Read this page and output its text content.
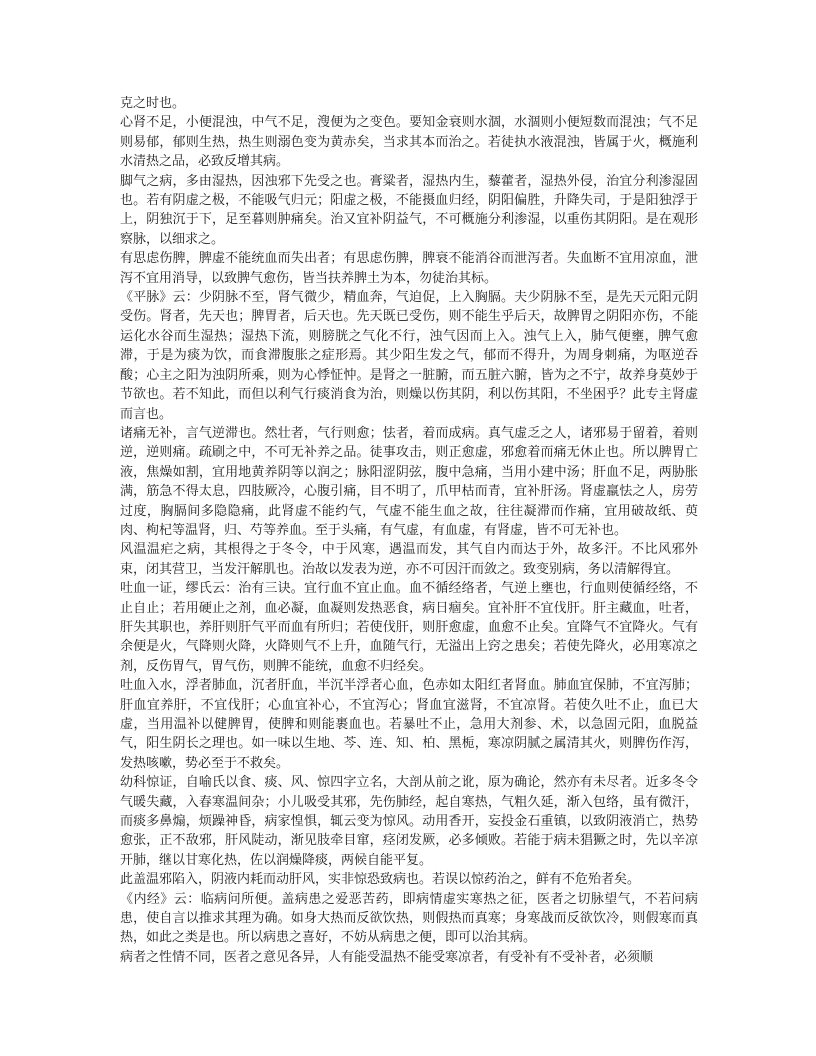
克之时也。

心肾不足，小便混浊，中气不足，溲便为之变色。要知金衰则水涸，水涸则小便短数而混浊；气不足则易郁，郁则生热，热生则溺色变为黄赤矣，当求其本而治之。若徒执水液混浊，皆属于火，概施利水清热之品，必致反增其病。

脚气之病，多由湿热，因浊邪下先受之也。膏粱者，湿热内生，藜藿者，湿热外侵，治宜分利渗湿固也。若有阴虚之极，不能吸气归元；阳虚之极，不能摄血归经，阴阳偏胜，升降失司，于是阳独浮于上，阴独沉于下，足至暮则肿痛矣。治又宜补阴益气，不可概施分利渗湿，以重伤其阴阳。是在观形察脉，以细求之。

有思虑伤脾，脾虚不能统血而失出者；有思虑伤脾，脾衰不能消谷而泄泻者。失血断不宜用凉血，泄泻不宜用消导，以致脾气愈伤，皆当扶养脾土为本，勿徒治其标。

《平脉》云：少阴脉不至，肾气微少，精血奔，气迫促，上入胸膈。夫少阴脉不至，是先天元阳元阴受伤。肾者，先天也；脾胃者，后天也。先天既已受伤，则不能生乎后天，故脾胃之阴阳亦伤，不能运化水谷而生湿热；湿热下流，则膀胱之气化不行，浊气因而上入。浊气上入，肺气便壅，脾气愈滞，于是为痰为饮，而食滞腹胀之症形焉。其少阳生发之气，郁而不得升，为周身刺痛，为呕逆吞酸；心主之阳为浊阴所乘，则为心悸怔忡。是肾之一脏腑，而五脏六腑，皆为之不宁，故养身莫妙于节欲也。若不知此，而但以利气行痰消食为治，则燥以伤其阴，利以伤其阳，不坐困乎？此专主肾虚而言也。

诸痛无补，言气逆滞也。然壮者，气行则愈；怯者，着而成病。真气虚乏之人，诸邪易于留着，着则逆，逆则痛。疏刷之中，不可无补养之品。徒事攻击，则正愈虚，邪愈着而痛无休止也。所以脾胃亡液，焦燥如割，宜用地黄养阴等以润之；脉阳涩阴弦，腹中急痛，当用小建中汤；肝血不足，两胁胀满，筋急不得太息，四肢厥冷，心腹引痛，目不明了，爪甲枯而青，宜补肝汤。肾虚羸怯之人，房劳过度，胸膈间多隐隐痛，此肾虚不能约气，气虚不能生血之故，往往凝滞而作痛，宜用破故纸、萸肉、枸杞等温肾，归、芍等养血。至于头痛，有气虚，有血虚，有肾虚，皆不可无补也。

风温温疟之病，其根得之于冬令，中于风寒，遇温而发，其气自内而达于外，故多汗。不比风邪外束，闭其营卫，当发汗解肌也。治故以发表为逆，亦不可因汗而敛之。致变别病，务以清解得宜。

吐血一证，缪氏云：治有三诀。宜行血不宜止血。血不循经络者，气逆上壅也，行血则使循经络，不止自止；若用硬止之剂，血必凝，血凝则发热恶食，病日痼矣。宜补肝不宜伐肝。肝主藏血，吐者，肝失其职也，养肝则肝气平而血有所归；若使伐肝，则肝愈虚，血愈不止矣。宜降气不宜降火。气有余便是火，气降则火降，火降则气不上升，血随气行，无溢出上窍之患矣；若使先降火，必用寒凉之剂，反伤胃气，胃气伤，则脾不能统，血愈不归经矣。

吐血入水，浮者肺血，沉者肝血，半沉半浮者心血，色赤如太阳红者肾血。肺血宜保肺，不宜泻肺；肝血宜养肝，不宜伐肝；心血宜补心，不宜泻心；肾血宜滋肾，不宜凉肾。若使久吐不止，血已大虚，当用温补以健脾胃，使脾和则能裹血也。若暴吐不止，急用大剂参、术，以急固元阳，血脱益气，阳生阴长之理也。如一味以生地、芩、连、知、柏、黑栀，寒凉阴腻之属清其火，则脾伤作泻，发热咳嗽，势必至于不救矣。

幼科惊证，自喻氏以食、痰、风、惊四字立名，大剖从前之讹，原为确论，然亦有未尽者。近多冬令气暖失藏，入春寒温间杂；小儿吸受其邪，先伤肺经，起自寒热，气粗久延，渐入包络，虽有微汗，而痰多鼻煽，烦躁神昏，病家惶惧，辄云变为惊风。动用香开，妄投金石重镇，以致阴液消亡，热势愈张，正不敌邪，肝风陡动，渐见肢牵目窜，痉闭发厥，必多倾败。若能于病未猖獗之时，先以辛凉开肺，继以甘寒化热，佐以润燥降痰，两候自能平复。

此盖温邪陷入，阴液内耗而动肝风，实非惊恐致病也。若误以惊药治之，鲜有不危殆者矣。

《内经》云：临病问所便。盖病患之爱恶苦药，即病情虚实寒热之征，医者之切脉望气，不若问病患，使自言以推求其理为确。如身大热而反欲饮热，则假热而真寒；身寒战而反欲饮冷，则假寒而真热，如此之类是也。所以病患之喜好，不妨从病患之便，即可以治其病。

病者之性情不同，医者之意见各异，人有能受温热不能受寒凉者，有受补有不受补者，必须顺
